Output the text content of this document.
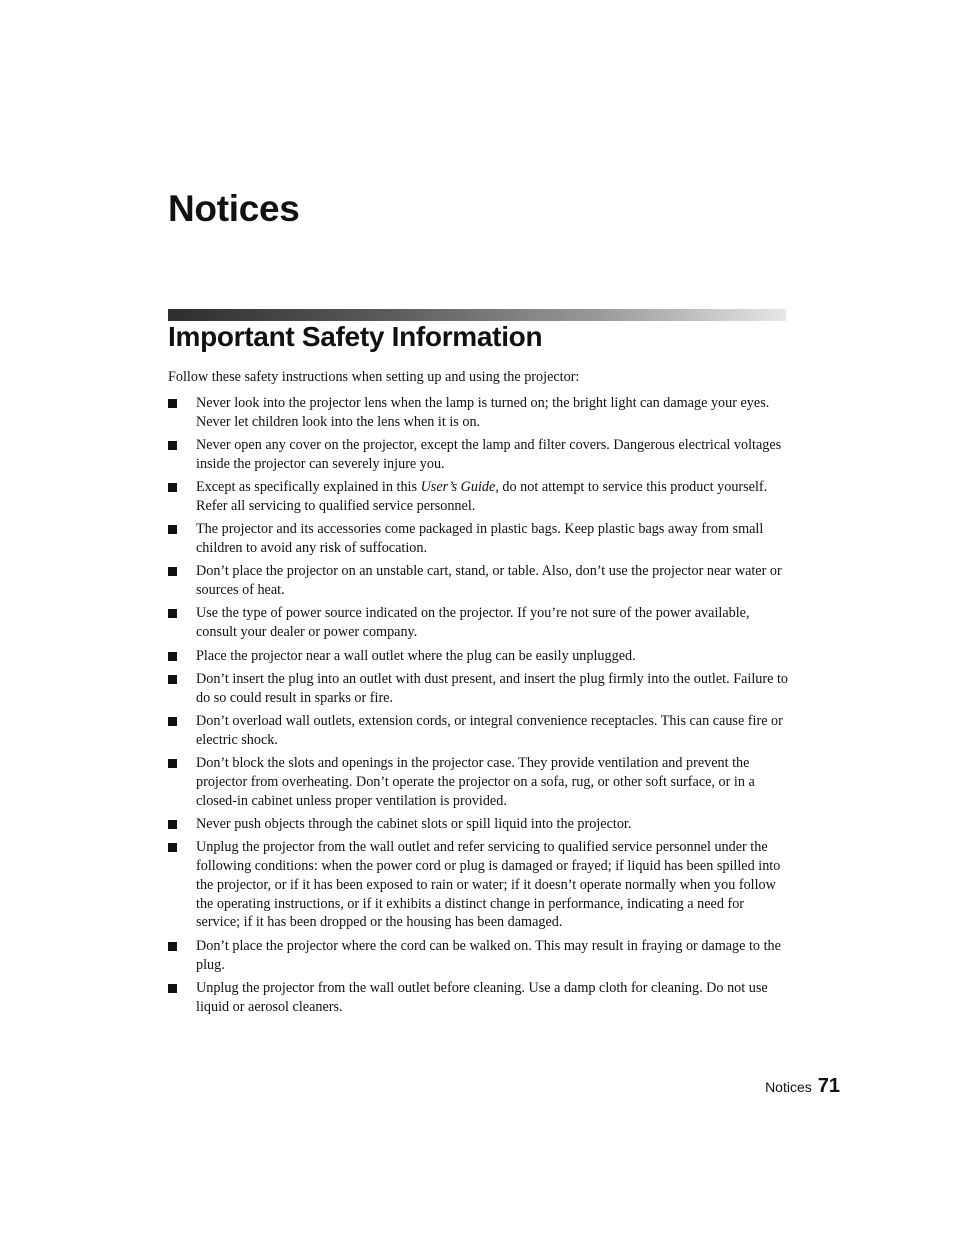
Notices
Important Safety Information

Follow these safety instructions when setting up and using the projector:

Never look into the projector lens when the lamp is turned on; the bright light can damage your eyes. Never let children look into the lens when it is on.
Never open any cover on the projector, except the lamp and filter covers. Dangerous electrical voltages inside the projector can severely injure you.
Except as specifically explained in this User’s Guide, do not attempt to service this product yourself. Refer all servicing to qualified service personnel.
The projector and its accessories come packaged in plastic bags. Keep plastic bags away from small children to avoid any risk of suffocation.
Don’t place the projector on an unstable cart, stand, or table. Also, don’t use the projector near water or sources of heat.
Use the type of power source indicated on the projector. If you’re not sure of the power available, consult your dealer or power company.
Place the projector near a wall outlet where the plug can be easily unplugged.
Don’t insert the plug into an outlet with dust present, and insert the plug firmly into the outlet. Failure to do so could result in sparks or fire.
Don’t overload wall outlets, extension cords, or integral convenience receptacles. This can cause fire or electric shock.
Don’t block the slots and openings in the projector case. They provide ventilation and prevent the projector from overheating. Don’t operate the projector on a sofa, rug, or other soft surface, or in a closed-in cabinet unless proper ventilation is provided.
Never push objects through the cabinet slots or spill liquid into the projector.
Unplug the projector from the wall outlet and refer servicing to qualified service personnel under the following conditions: when the power cord or plug is damaged or frayed; if liquid has been spilled into the projector, or if it has been exposed to rain or water; if it doesn’t operate normally when you follow the operating instructions, or if it exhibits a distinct change in performance, indicating a need for service; if it has been dropped or the housing has been damaged.
Don’t place the projector where the cord can be walked on. This may result in fraying or damage to the plug.
Unplug the projector from the wall outlet before cleaning. Use a damp cloth for cleaning. Do not use liquid or aerosol cleaners.
Notices 71
